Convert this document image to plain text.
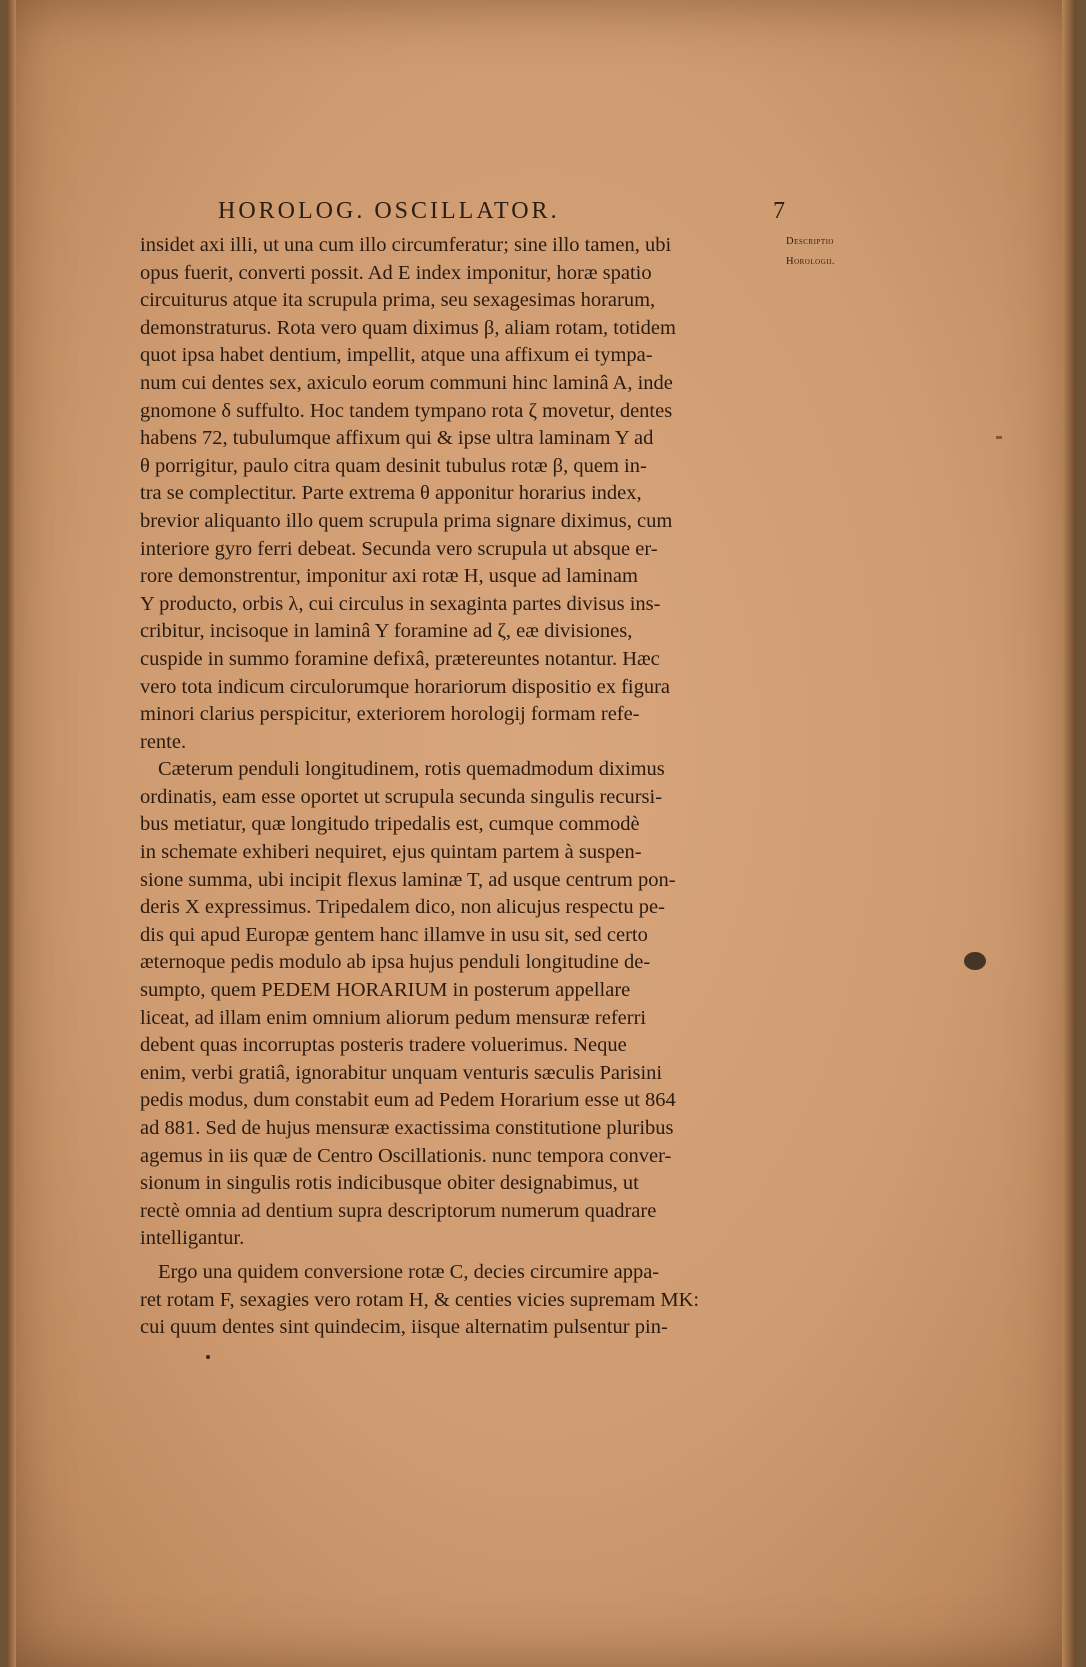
HOROLOG. OSCILLATOR.	7
Descriptio
Horologii.
insidet axi illi, ut una cum illo circumferatur; sine illo tamen, ubi
opus fuerit, converti possit. Ad E index imponitur, horæ spatio
circuiturus atque ita scrupula prima, seu sexagesimas horarum,
demonstraturus. Rota vero quam diximus β, aliam rotam, totidem
quot ipsa habet dentium, impellit, atque una affixum ei tympa-
num cui dentes sex, axiculo eorum communi hinc laminâ A, inde
gnomone δ suffulto. Hoc tandem tympano rota ζ movetur, dentes
habens 72, tubulumque affixum qui & ipse ultra laminam Y ad
θ porrigitur, paulo citra quam desinit tubulus rotæ β, quem in-
tra se complectitur. Parte extrema θ apponitur horarius index,
brevior aliquanto illo quem scrupula prima signare diximus, cum
interiore gyro ferri debeat. Secunda vero scrupula ut absque er-
rore demonstrentur, imponitur axi rotæ H, usque ad laminam
Y producto, orbis λ, cui circulus in sexaginta partes divisus ins-
cribitur, incisoque in laminâ Y foramine ad ζ, eæ divisiones,
cuspide in summo foramine defixâ, prætereuntes notantur. Hæc
vero tota indicum circulorumque horariorum dispositio ex figura
minori clarius perspicitur, exteriorem horologij formam refe-
rente.
Cæterum penduli longitudinem, rotis quemadmodum diximus
ordinatis, eam esse oportet ut scrupula secunda singulis recursi-
bus metiatur, quæ longitudo tripedalis est, cumque commodè
in schemate exhiberi nequiret, ejus quintam partem à suspen-
sione summa, ubi incipit flexus laminæ T, ad usque centrum pon-
deris X expressimus. Tripedalem dico, non alicujus respectu pe-
dis qui apud Europæ gentem hanc illamve in usu sit, sed certo
æternoque pedis modulo ab ipsa hujus penduli longitudine de-
sumpto, quem PEDEM HORARIUM in posterum appellare
liceat, ad illam enim omnium aliorum pedum mensuræ referri
debent quas incorruptas posteris tradere voluerimus. Neque
enim, verbi gratiâ, ignorabitur unquam venturis sæculis Parisini
pedis modus, dum constabit eum ad Pedem Horarium esse ut 864
ad 881. Sed de hujus mensuræ exactissima constitutione pluribus
agemus in iis quæ de Centro Oscillationis. nunc tempora conver-
sionum in singulis rotis indicibusque obiter designabimus, ut
rectè omnia ad dentium supra descriptorum numerum quadrare
intelligantur.
Ergo una quidem conversione rotæ C, decies circumire appa-
ret rotam F, sexagies vero rotam H, & centies vicies supremam MK:
cui quum dentes sint quindecim, iisque alternatim pulsentur pin-
